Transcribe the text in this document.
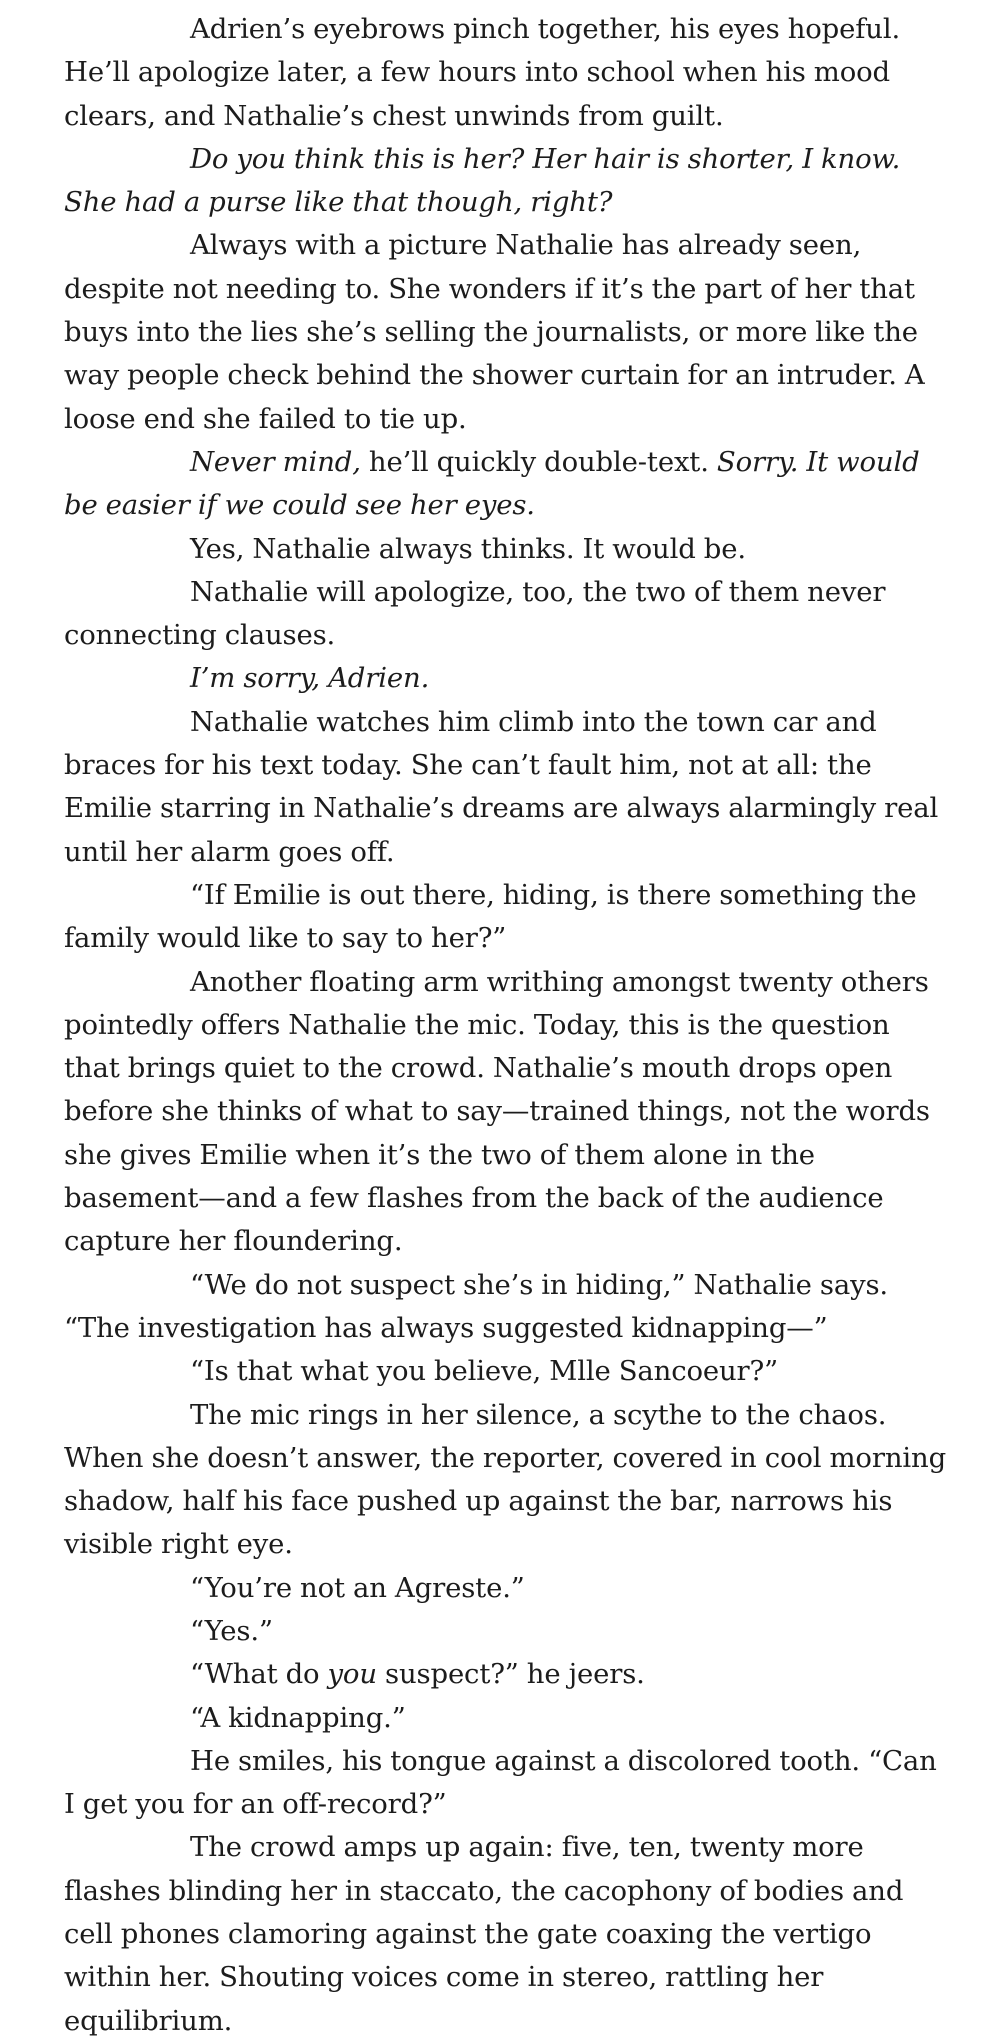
Adrien’s eyebrows pinch together, his eyes hopeful. He’ll apologize later, a few hours into school when his mood clears, and Nathalie’s chest unwinds from guilt.

Do you think this is her? Her hair is shorter, I know. She had a purse like that though, right?

Always with a picture Nathalie has already seen, despite not needing to. She wonders if it’s the part of her that buys into the lies she’s selling the journalists, or more like the way people check behind the shower curtain for an intruder. A loose end she failed to tie up.

Never mind, he’ll quickly double-text. Sorry. It would be easier if we could see her eyes.

Yes, Nathalie always thinks. It would be.

Nathalie will apologize, too, the two of them never connecting clauses.

I’m sorry, Adrien.

Nathalie watches him climb into the town car and braces for his text today. She can’t fault him, not at all: the Emilie starring in Nathalie’s dreams are always alarmingly real until her alarm goes off.

“If Emilie is out there, hiding, is there something the family would like to say to her?”

Another floating arm writhing amongst twenty others pointedly offers Nathalie the mic. Today, this is the question that brings quiet to the crowd. Nathalie’s mouth drops open before she thinks of what to say—trained things, not the words she gives Emilie when it’s the two of them alone in the basement—and a few flashes from the back of the audience capture her floundering.

“We do not suspect she’s in hiding,” Nathalie says. “The investigation has always suggested kidnapping—”

“Is that what you believe, Mlle Sancoeur?”

The mic rings in her silence, a scythe to the chaos. When she doesn’t answer, the reporter, covered in cool morning shadow, half his face pushed up against the bar, narrows his visible right eye.

“You’re not an Agreste.”

“Yes.”

“What do you suspect?” he jeers.

“A kidnapping.”

He smiles, his tongue against a discolored tooth. “Can I get you for an off-record?”

The crowd amps up again: five, ten, twenty more flashes blinding her in staccato, the cacophony of bodies and cell phones clamoring against the gate coaxing the vertigo within her. Shouting voices come in stereo, rattling her equilibrium.
